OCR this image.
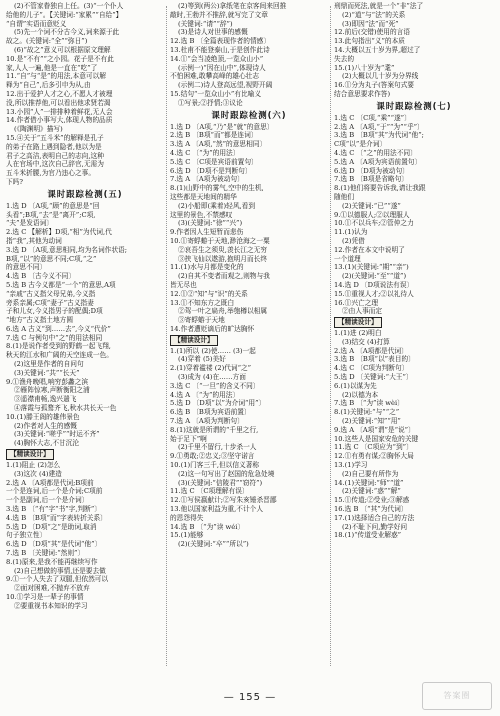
(2)不管家眷独自上任。(3)“一个仆人
给他的儿子”。【关键词:“家累”“自给”】
“自谓”实语而意贬义
(5)先一个词不分古今义,词来源于此
故之。(关键词:“全”“弥日”)
(6)“故之”意义可以根据原文理解
10.是“不有”“之小园。花子是不有此
家,人人一遍,他是一直在“吃”了
11.“自”与“是”的用法,本意可以解
释为“自己”,后多引申为从,由
12.出于爱护人才之心,不愿人才被埋
没,所以推荐他,可以看出他求贤若渴
13.小园“人”一排排种着鲜花,无人会
14.作者借小事写大,体现人物的品质
(《陶渊明》描写)
15.④关于“五斗米”的解释是孔子
的弟子在路上遇到隐者,他以为是
君子之高洁,表明自己的志向,这种
人在官场中,这次自己辞官,无需为
五斗米折腰,为官乃违心之事。
下吗?
课时跟踪检测(五)
1.选 D 〔A项,“顾”的意思是“回
头看”;B项,“去”是“离开”;C项,
“夫”是发语词〕
2.选 C 【解析】D项,“相”为代词,代
指“我”,其他为动词
3.选 D 〔A项,意思相同,均为名词作状语;
B项,“以”的意思不同;C项,“之”
的意思不同〕
4.选 B 〔古今义不同〕
5.选 B 古今义都是“一个”的意思,A项
“亲戚”古义指父母兄弟,今义指
旁系亲属;C项“妻子”古义指妻
子和儿女,今义指男子的配偶;D项
“地方”古义指土地方圆
6.选 A 古义“到……去”,今义“代价”
7.选 C 与例句中“之”的用法相同
8.(1)是说作者受到的野鹤一起飞翔,
秋天的江水和广阔的天空连成一色。
(2)这里是作者的自问句
(3)关键词:“共”“长天”
9.①渔舟晚唱,响穷彭蠡之滨
②雁阵惊寒,声断衡阳之浦
③遥襟甫畅,逸兴遄飞
④落霞与孤鹜齐飞,秋水共长天一色
10.(1)滕王阁的雄伟景色
(2)作者对人生的感慨
(3)关键词:“嗟乎”“时运不齐”
(4)胸怀大志,不甘沉沦
【精读设计】
1.(1)阻止 (2)怎么
(3)这次 (4)建造
2.选 A 〔A项都是代词;B项前
一个是连词,后一个是介词;C项前
一个是副词,后一个是介词〕
3.选 B 〔“有”字“书”字,判断”〕
4.选 B 〔B项“而”字表转折关系〕
5.选 D 〔D项“之”是助词,取消
句子独立性〕
6.选 D 〔D项“其”是代词“他”〕
7.选 B 〔关键词:“然则”〕
8.(1)原来,是我不能再继续写作
(2)自己想做的事情,还是要去做
9.①一个人失去了双腿,但依然可以
②面对困难,不抛弃不放弃
10.①学习是一辈子的事情
②要重视书本知识的学习
(2)等到(两公)拿纸笔在京客间来回推
敲时,王勃并不推辞,就写完了文章
(关键词:“请”“辞”)
(3)是诗人对世事的感慨
12.选 B 〔全篇表现作者的情感〕
13.杜甫不能登泰山,于是创作此诗
14.①“会当凌绝顶,一览众山小”
(示例一)“因在山中”,体现诗人
不怕困难,敢攀高峰的雄心壮志
(示例二)诗人登高远望,视野开阔
15.结句“一览众山小”有比喻义
①写景;②抒情;③议论
课时跟踪检测(六)
1.选 D 〔A项,“乃”是“就”的意思〕
2.选 B 〔B项“而”都是连词〕
3.选 A 〔A项,“然”的意思相同〕
4.选 C 〔“为”的用法〕
5.选 C 〔C项是宾语前置句〕
6.选 D 〔D项不是判断句〕
7.选 A 〔A项为被动句〕
8.(1)山野中的雾气,空中的生机,
这些都是天地间的精华
(2)小船即(乘着)轻风,看到
这里的景色,不禁感叹
(3)(关键词:“徐”“兴”)
9.作者因人生短暂而悲伤
10.①寄蜉蝣于天地,渺沧海之一粟
②哀吾生之须臾,羡长江之无穷
③挟飞仙以遨游,抱明月而长终
11.(1)水与月都是变化的
(2)自其不变者而观之,则物与我
皆无尽也
12.①②“知”与“识”的关系
13.①不知东方之既白
②驾一叶之扁舟,举匏樽以相属
③寄蜉蝣于天地
14.作者遭贬谪后的旷达胸怀
【精读设计】
1.(1)所以 (2)使…… (3)一起
(4)穿着 (5)美好
2.(1)穿着褴褛 (2)代词“之”
(3)成为 (4)在……方面
3.选 C 〔“一旦”的含义不同〕
4.选 A 〔“为”的用法〕
5.选 D 〔D项“以”为介词“用”〕
6.选 B 〔B项为宾语前置〕
7.选 A 〔A项为判断句〕
8.(1)这就是所谓的“千里之行,
始于足下”啊
(2)千里不留行,十步杀一人
9.①勇敢;②忠义;③坚守诺言
10.(1)门客三千,但以信义著称
(2)这一句写出了赵国的危急处境
(3)(关键词:“信陵君”“窃符”)
11.选 C 〔C项理解有误〕
12.①写侯嬴献计;②写朱亥锤杀晋鄙
13.他以国家利益为重,不计个人
的恩怨得失
14.选 B 〔“为”读 wéi〕
15.(1)能够
(2)(关键词:“卒”“所以”)
刑鼎而死法,就是一个“非”法了
(2)“道”与“法”的关系
(3)即因“法”而“死”
12.前后(交错)使用的言语
13.此句指出“义”的本质
14.大概以五十岁为界,超过了
失去的
15.(1)八十岁为“耄”
(2)大概以几十岁为分界线
16.①分为丸子(答案句式要
结合意思要求作答)
课时跟踪检测(七)
1.选 C 〔C项,“乘”“遂”〕
2.选 A 〔A项,“于”“为”“乎”〕
3.选 B 〔B项“其”为代词“他”;
C项“以”是介词〕
4.选 C 〔“之”的用法不同〕
5.选 A 〔A项为宾语前置句〕
6.选 D 〔D项为被动句〕
7.选 B 〔B项是省略句〕
8.(1)他们将要告诉我,请让我跟
随他们
(2)关键词:“已”“遂”
9.①以德服人;②以理服人
10.①不以兵车;②管仲之力
11.(1)认为
(2)凭借
12.作者在本文中说明了
一个道理
13.(1)(关键词:“期”“亲”)
(2)(关键词:“至”“道”)
14.选 D 〔D项说法有误〕
15.①重视人才;②以礼待人
16.①兴亡之理
②由人事而定
【精读设计】
1.(1)进 (2)明白
(3)结交 (4)打算
2.选 A 〔A项都是代词〕
3.选 B 〔B项“以”表目的〕
4.选 C 〔C项为判断句〕
5.选 D 〔关键词:“大王”〕
6.(1)以谋为先
(2)以德为本
7.选 B 〔“为”读 wèi〕
8.(1)关键词:“与”“之”
(2)关键词:“知”“用”
9.选 A 〔A项“谓”是“说”〕
10.这些人是国家安危的关键
11.选 C 〔C项应为“到”〕
12.①有勇有谋;②胸怀大局
13.(1)学习
(2)自己要有所作为
14.(1)关键词:“师”“道”
(2)关键词:“惑”“解”
15.①传道;②受业;③解惑
16.选 B 〔“其”为代词〕
17.(1)选择适合自己的方法
(2)不耻下问,勤学好问
18.(1)“传道受业解惑”
— 155 —	答案圈
